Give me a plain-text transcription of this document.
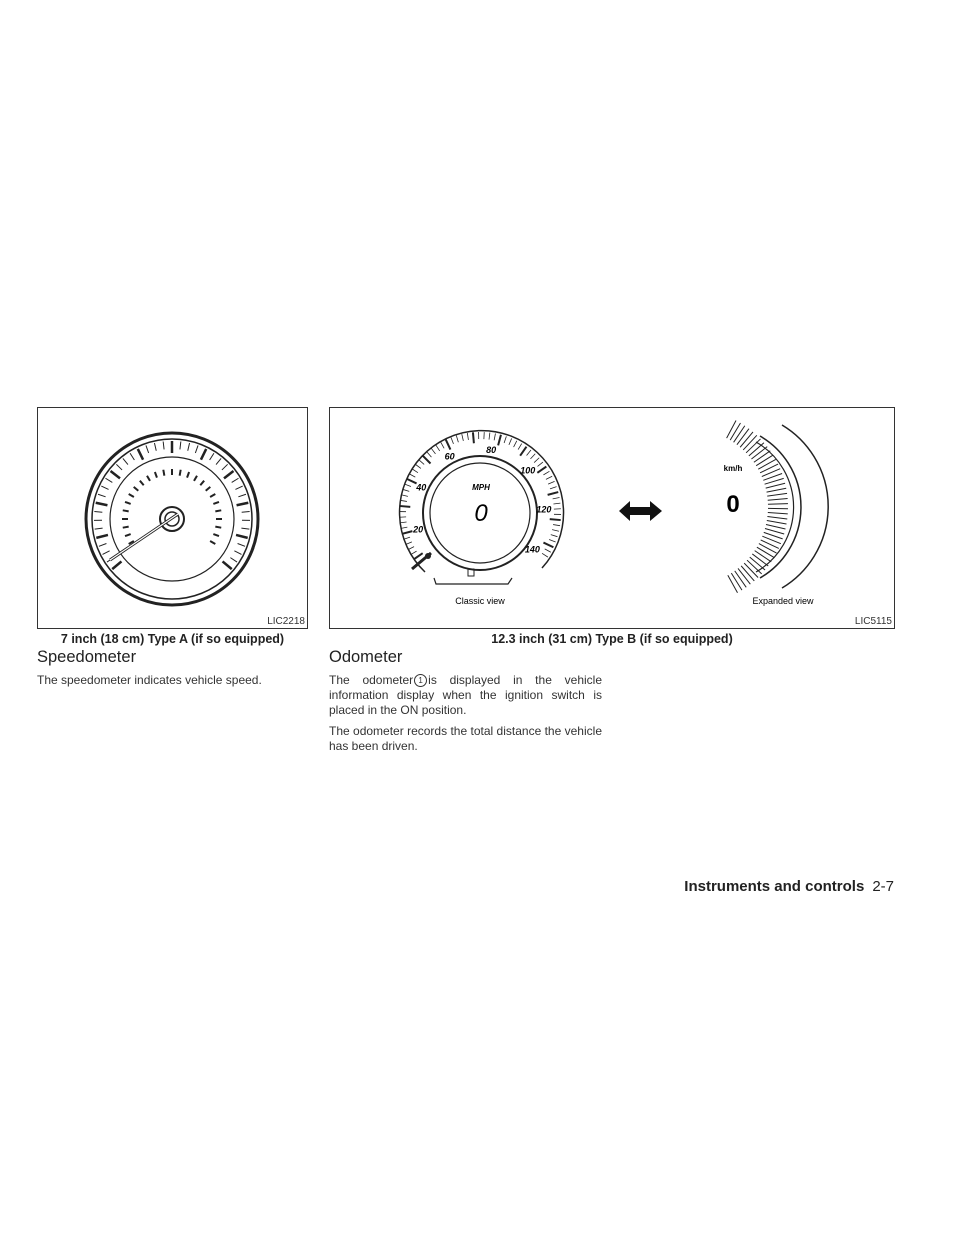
LIC2218
7 inch (18 cm) Type A (if so equipped)
MPH
0
20
40
60
80
100
120
140
Classic view
km/h
0
Expanded view
LIC5115
12.3 inch (31 cm) Type B (if so equipped)
Speedometer

The speedometer indicates vehicle speed.

Odometer

The odometer 1 is displayed in the vehicle information display when the ignition switch is placed in the ON position.

The odometer records the total distance the vehicle has been driven.

Instruments and controls 2-7
